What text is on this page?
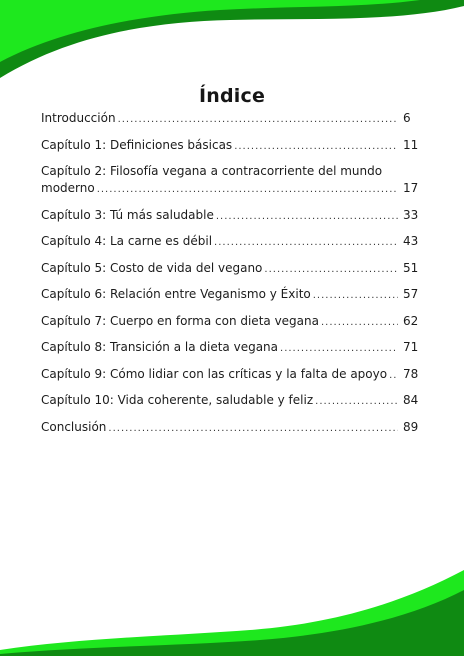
Índice
Introducción .....	6
Capítulo 1: Definiciones básicas .....	11
Capítulo 2: Filosofía vegana a contracorriente del mundo
moderno .....	17
Capítulo 3: Tú más saludable .....	33
Capítulo 4: La carne es débil .....	43
Capítulo 5: Costo de vida del vegano .....	51
Capítulo 6: Relación entre Veganismo y Éxito .....	57
Capítulo 7: Cuerpo en forma con dieta vegana .....	62
Capítulo 8: Transición a la dieta vegana .....	71
Capítulo 9: Cómo lidiar con las críticas y la falta de apoyo ..... 78
Capítulo 10: Vida coherente, saludable y feliz .....	84
Conclusión .....	89
